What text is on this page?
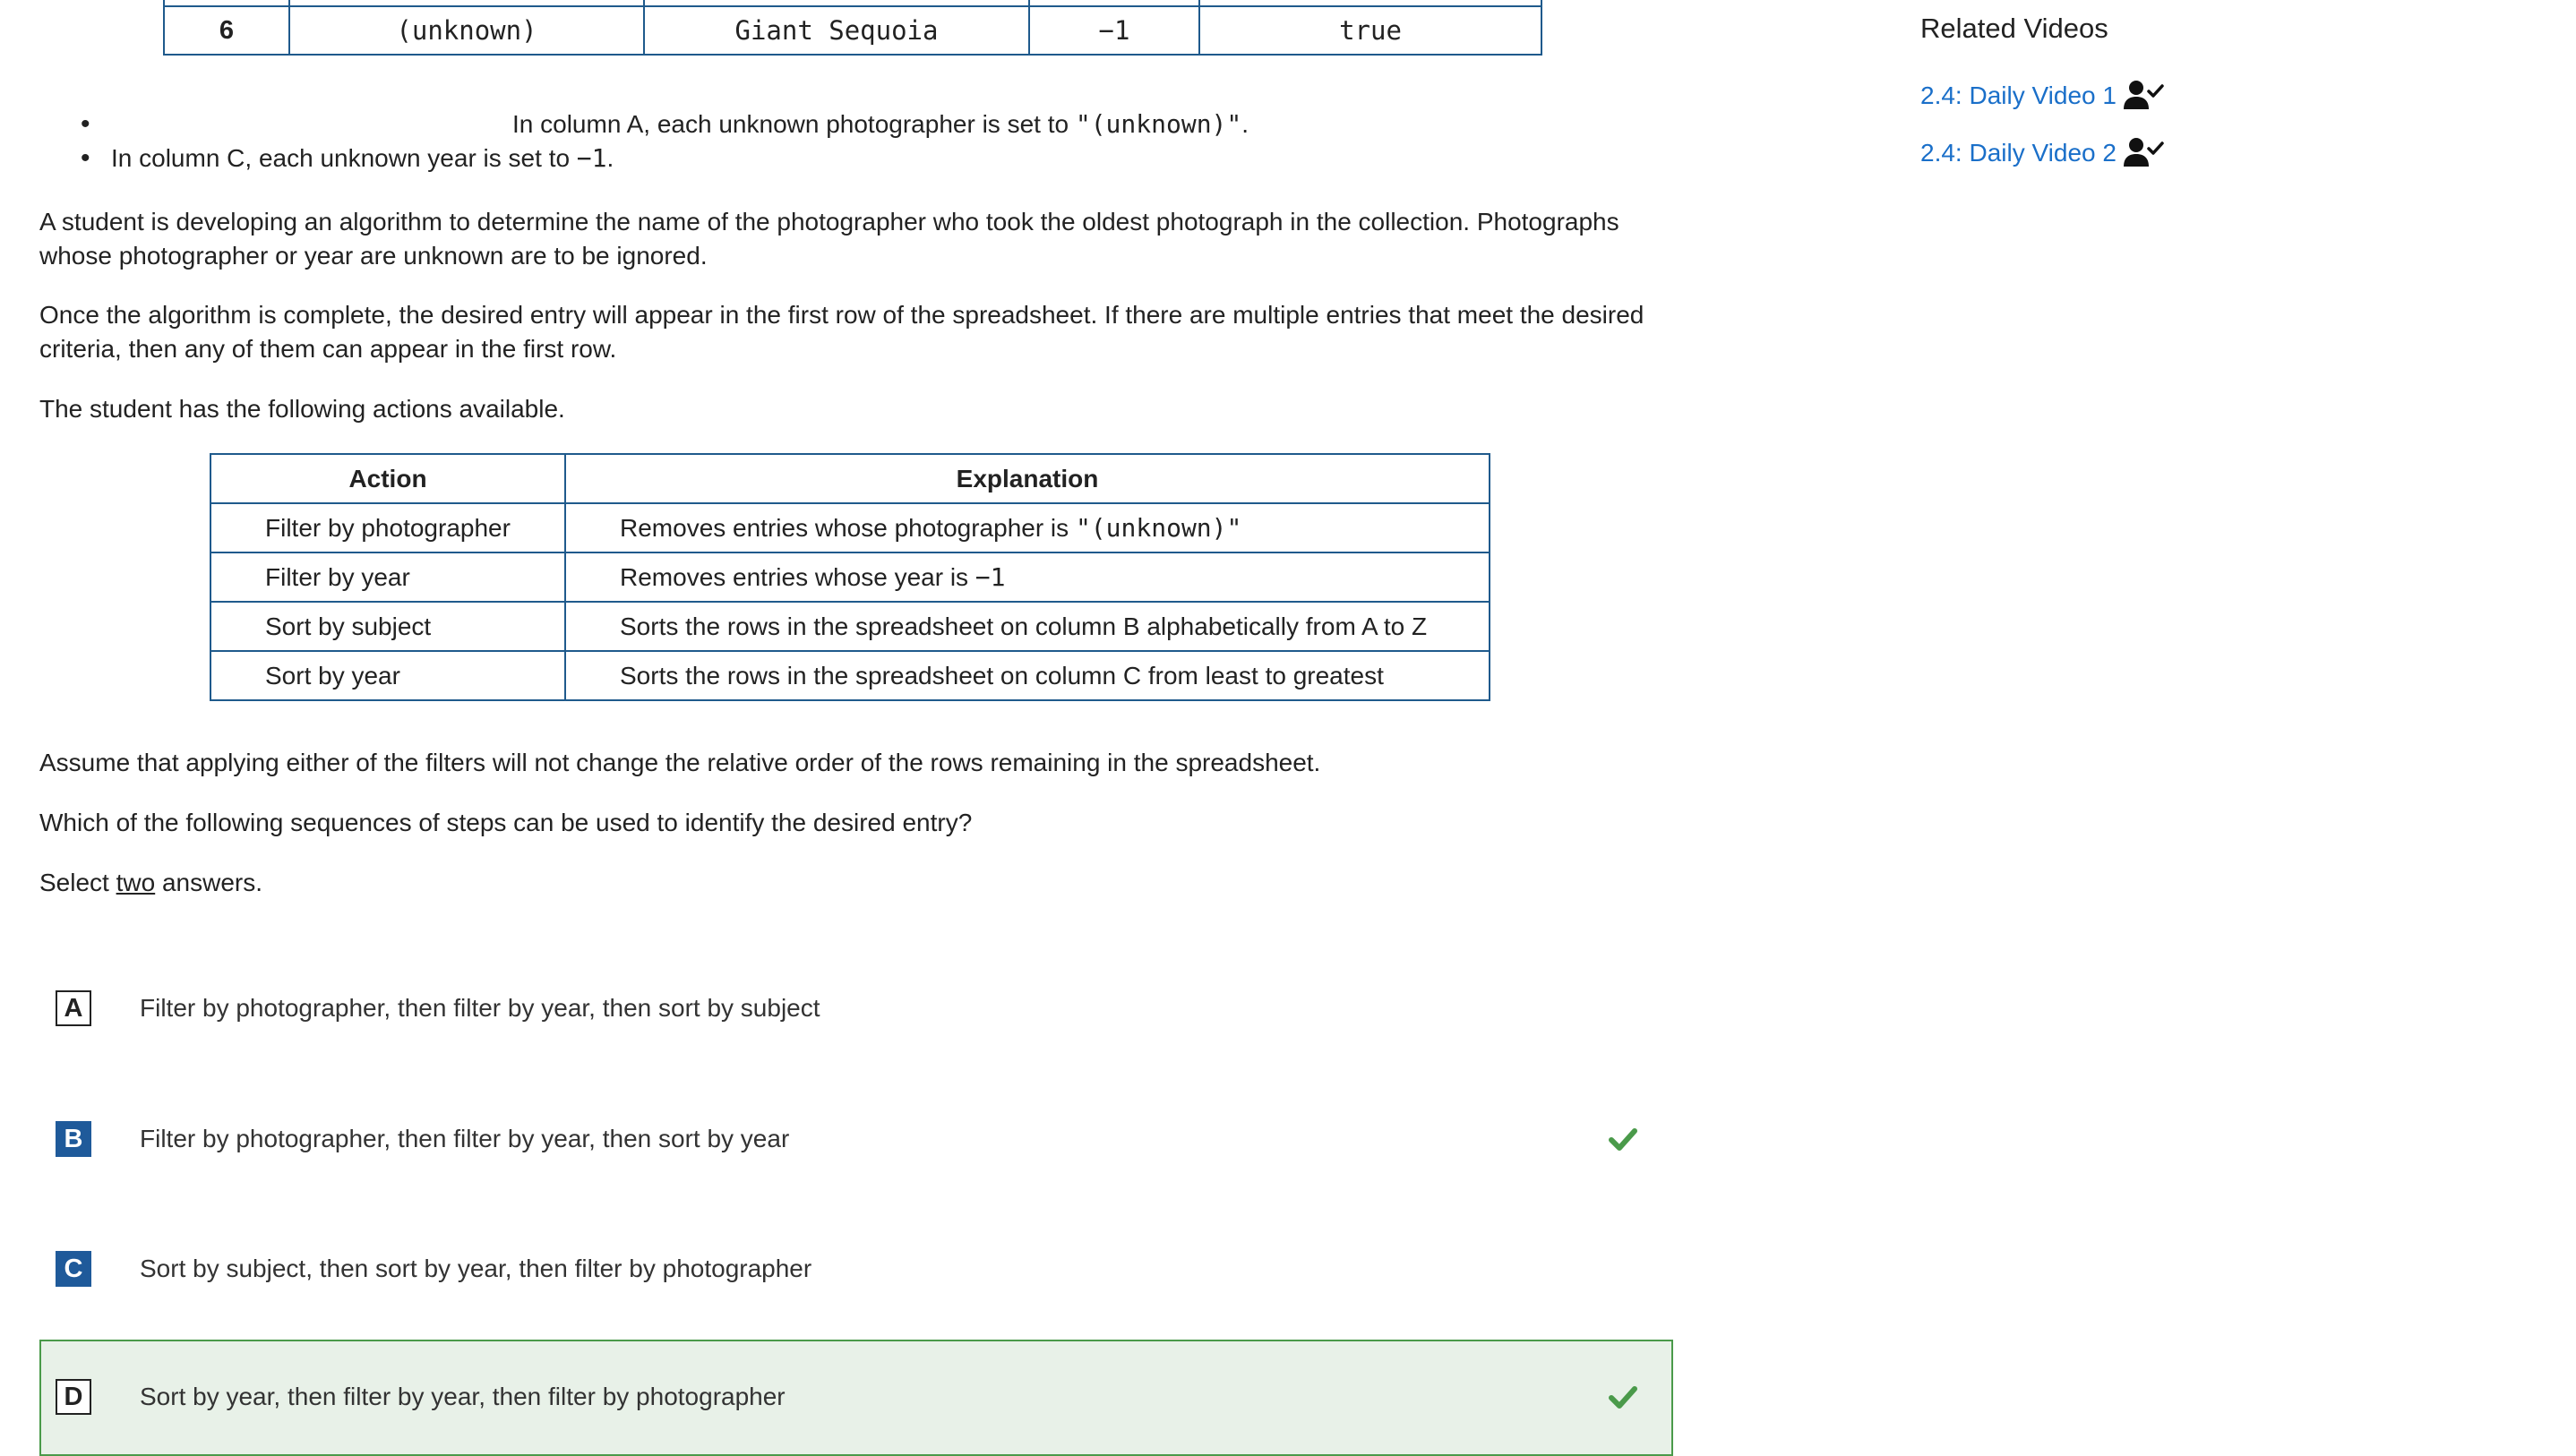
6	(unknown)	Giant Sequoia	−1	true
• In column A, each unknown photographer is set to "(unknown)".
• In column C, each unknown year is set to −1.

A student is developing an algorithm to determine the name of the photographer who took the oldest photograph in the collection. Photographs whose photographer or year are unknown are to be ignored.

Once the algorithm is complete, the desired entry will appear in the first row of the spreadsheet. If there are multiple entries that meet the desired criteria, then any of them can appear in the first row.

The student has the following actions available.

Action	Explanation
Filter by photographer	Removes entries whose photographer is "(unknown)"
Filter by year	Removes entries whose year is −1
Sort by subject	Sorts the rows in the spreadsheet on column B alphabetically from A to Z
Sort by year	Sorts the rows in the spreadsheet on column C from least to greatest

Assume that applying either of the filters will not change the relative order of the rows remaining in the spreadsheet.

Which of the following sequences of steps can be used to identify the desired entry?

Select two answers.

A	Filter by photographer, then filter by year, then sort by subject
B	Filter by photographer, then filter by year, then sort by year
C	Sort by subject, then sort by year, then filter by photographer
D	Sort by year, then filter by year, then filter by photographer
Related Videos
2.4: Daily Video 1
2.4: Daily Video 2
